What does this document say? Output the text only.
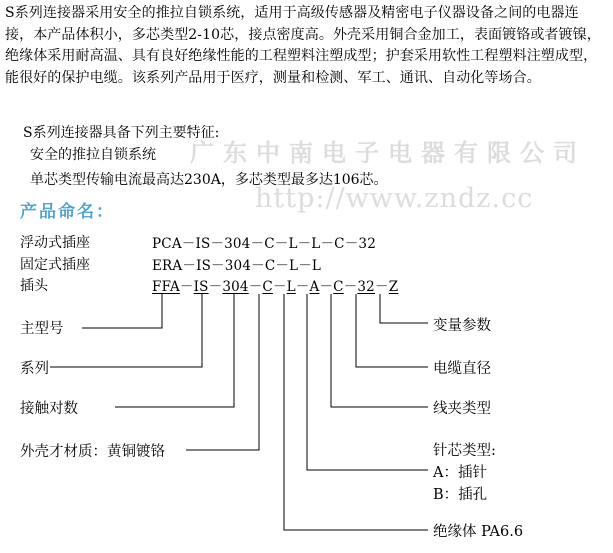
S系列连接器采用安全的推拉自锁系统，适用于高级传感器及精密电子仪器设备之间的电器连接，本产品体积小，多芯类型2-10芯，接点密度高。外壳采用铜合金加工，表面镀铬或者镀镍，绝缘体采用耐高温、具有良好绝缘性能的工程塑料注塑成型；护套采用软性工程塑料注塑成型，能很好的保护电缆。该系列产品用于医疗，测量和检测、军工、通讯、自动化等场合。
S系列连接器具备下列主要特征:
安全的推拉自锁系统
单芯类型传输电流最高达230A，多芯类型最多达106芯。
广东中南电子电器有限公司
http://www.zndz.cc
产品命名：
浮动式插座	PCA－IS－304－C－L－L－C－32
固定式插座	ERA－IS－304－C－L－L
插头	FFA－IS－304－C－L－A－C－32－Z
主型号
系列
接触对数
外壳才材质：黄铜镀铬
变量参数
电缆直径
线夹类型
针芯类型:
A：插针
B：插孔
绝缘体 PA6.6
